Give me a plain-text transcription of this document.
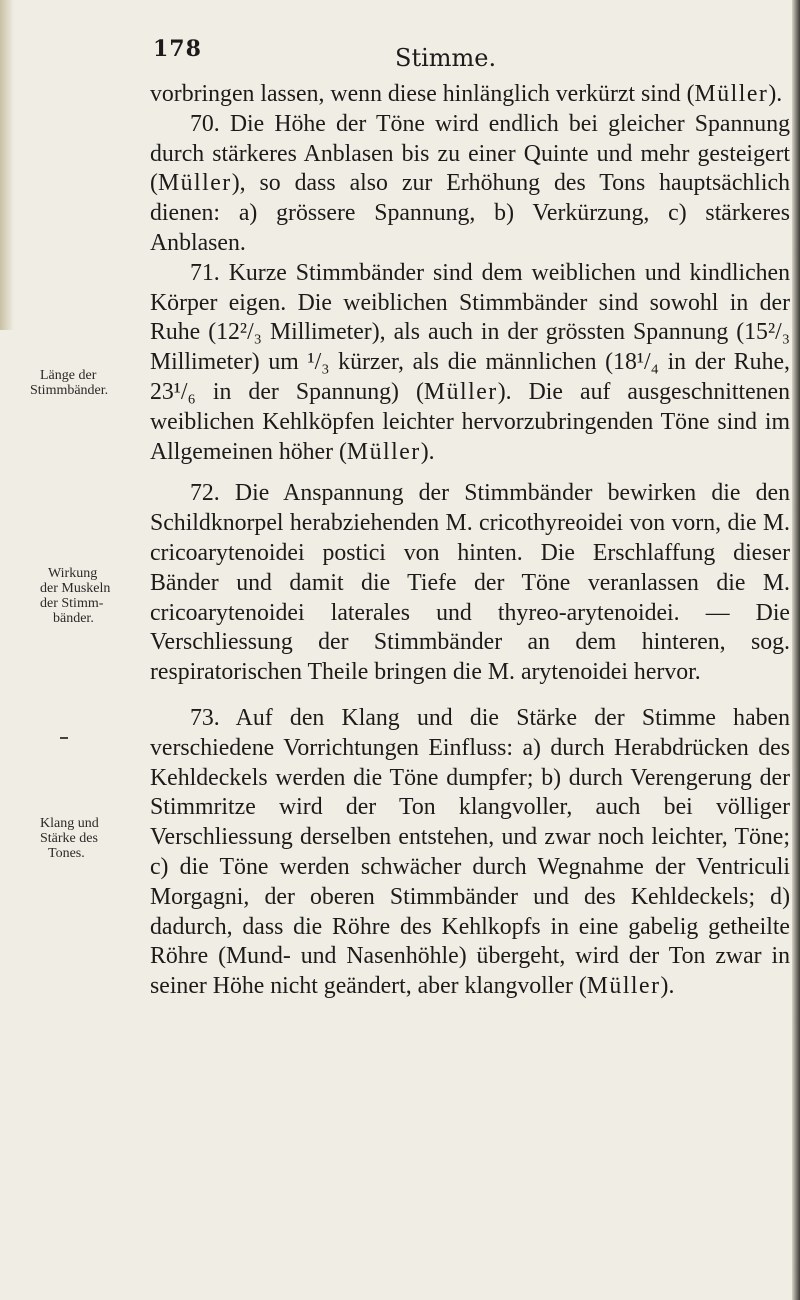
178	Stimme.
Länge der
Stimmbänder.
Wirkung
der Muskeln
der Stimm-
bänder.
Klang und
Stärke des
Tones.

vorbringen lassen, wenn diese hinlänglich verkürzt sind (Müller).

70. Die Höhe der Töne wird endlich bei gleicher Spannung durch stärkeres Anblasen bis zu einer Quinte und mehr gesteigert (Müller), so dass also zur Erhöhung des Tons hauptsächlich dienen: a) grössere Spannung, b) Verkürzung, c) stärkeres Anblasen.

71. Kurze Stimmbänder sind dem weiblichen und kindlichen Körper eigen. Die weiblichen Stimmbänder sind sowohl in der Ruhe (12²/₃ Millimeter), als auch in der grössten Spannung (15²/₃ Millimeter) um ¹/₃ kürzer, als die männlichen (18¹/₄ in der Ruhe, 23¹/₆ in der Spannung) (Müller). Die auf ausgeschnittenen weiblichen Kehlköpfen leichter hervorzubringenden Töne sind im Allgemeinen höher (Müller).

72. Die Anspannung der Stimmbänder bewirken die den Schildknorpel herabziehenden M. cricothyreoidei von vorn, die M. cricoarytenoidei postici von hinten. Die Erschlaffung dieser Bänder und damit die Tiefe der Töne veranlassen die M. cricoarytenoidei laterales und thyreo-arytenoidei. — Die Verschliessung der Stimmbänder an dem hinteren, sog. respiratorischen Theile bringen die M. arytenoidei hervor.

73. Auf den Klang und die Stärke der Stimme haben verschiedene Vorrichtungen Einfluss: a) durch Herabdrücken des Kehldeckels werden die Töne dumpfer; b) durch Verengerung der Stimmritze wird der Ton klangvoller, auch bei völliger Verschliessung derselben entstehen, und zwar noch leichter, Töne; c) die Töne werden schwächer durch Wegnahme der Ventriculi Morgagni, der oberen Stimmbänder und des Kehldeckels; d) dadurch, dass die Röhre des Kehlkopfs in eine gabelig getheilte Röhre (Mund- und Nasenhöhle) übergeht, wird der Ton zwar in seiner Höhe nicht geändert, aber klangvoller (Müller).
